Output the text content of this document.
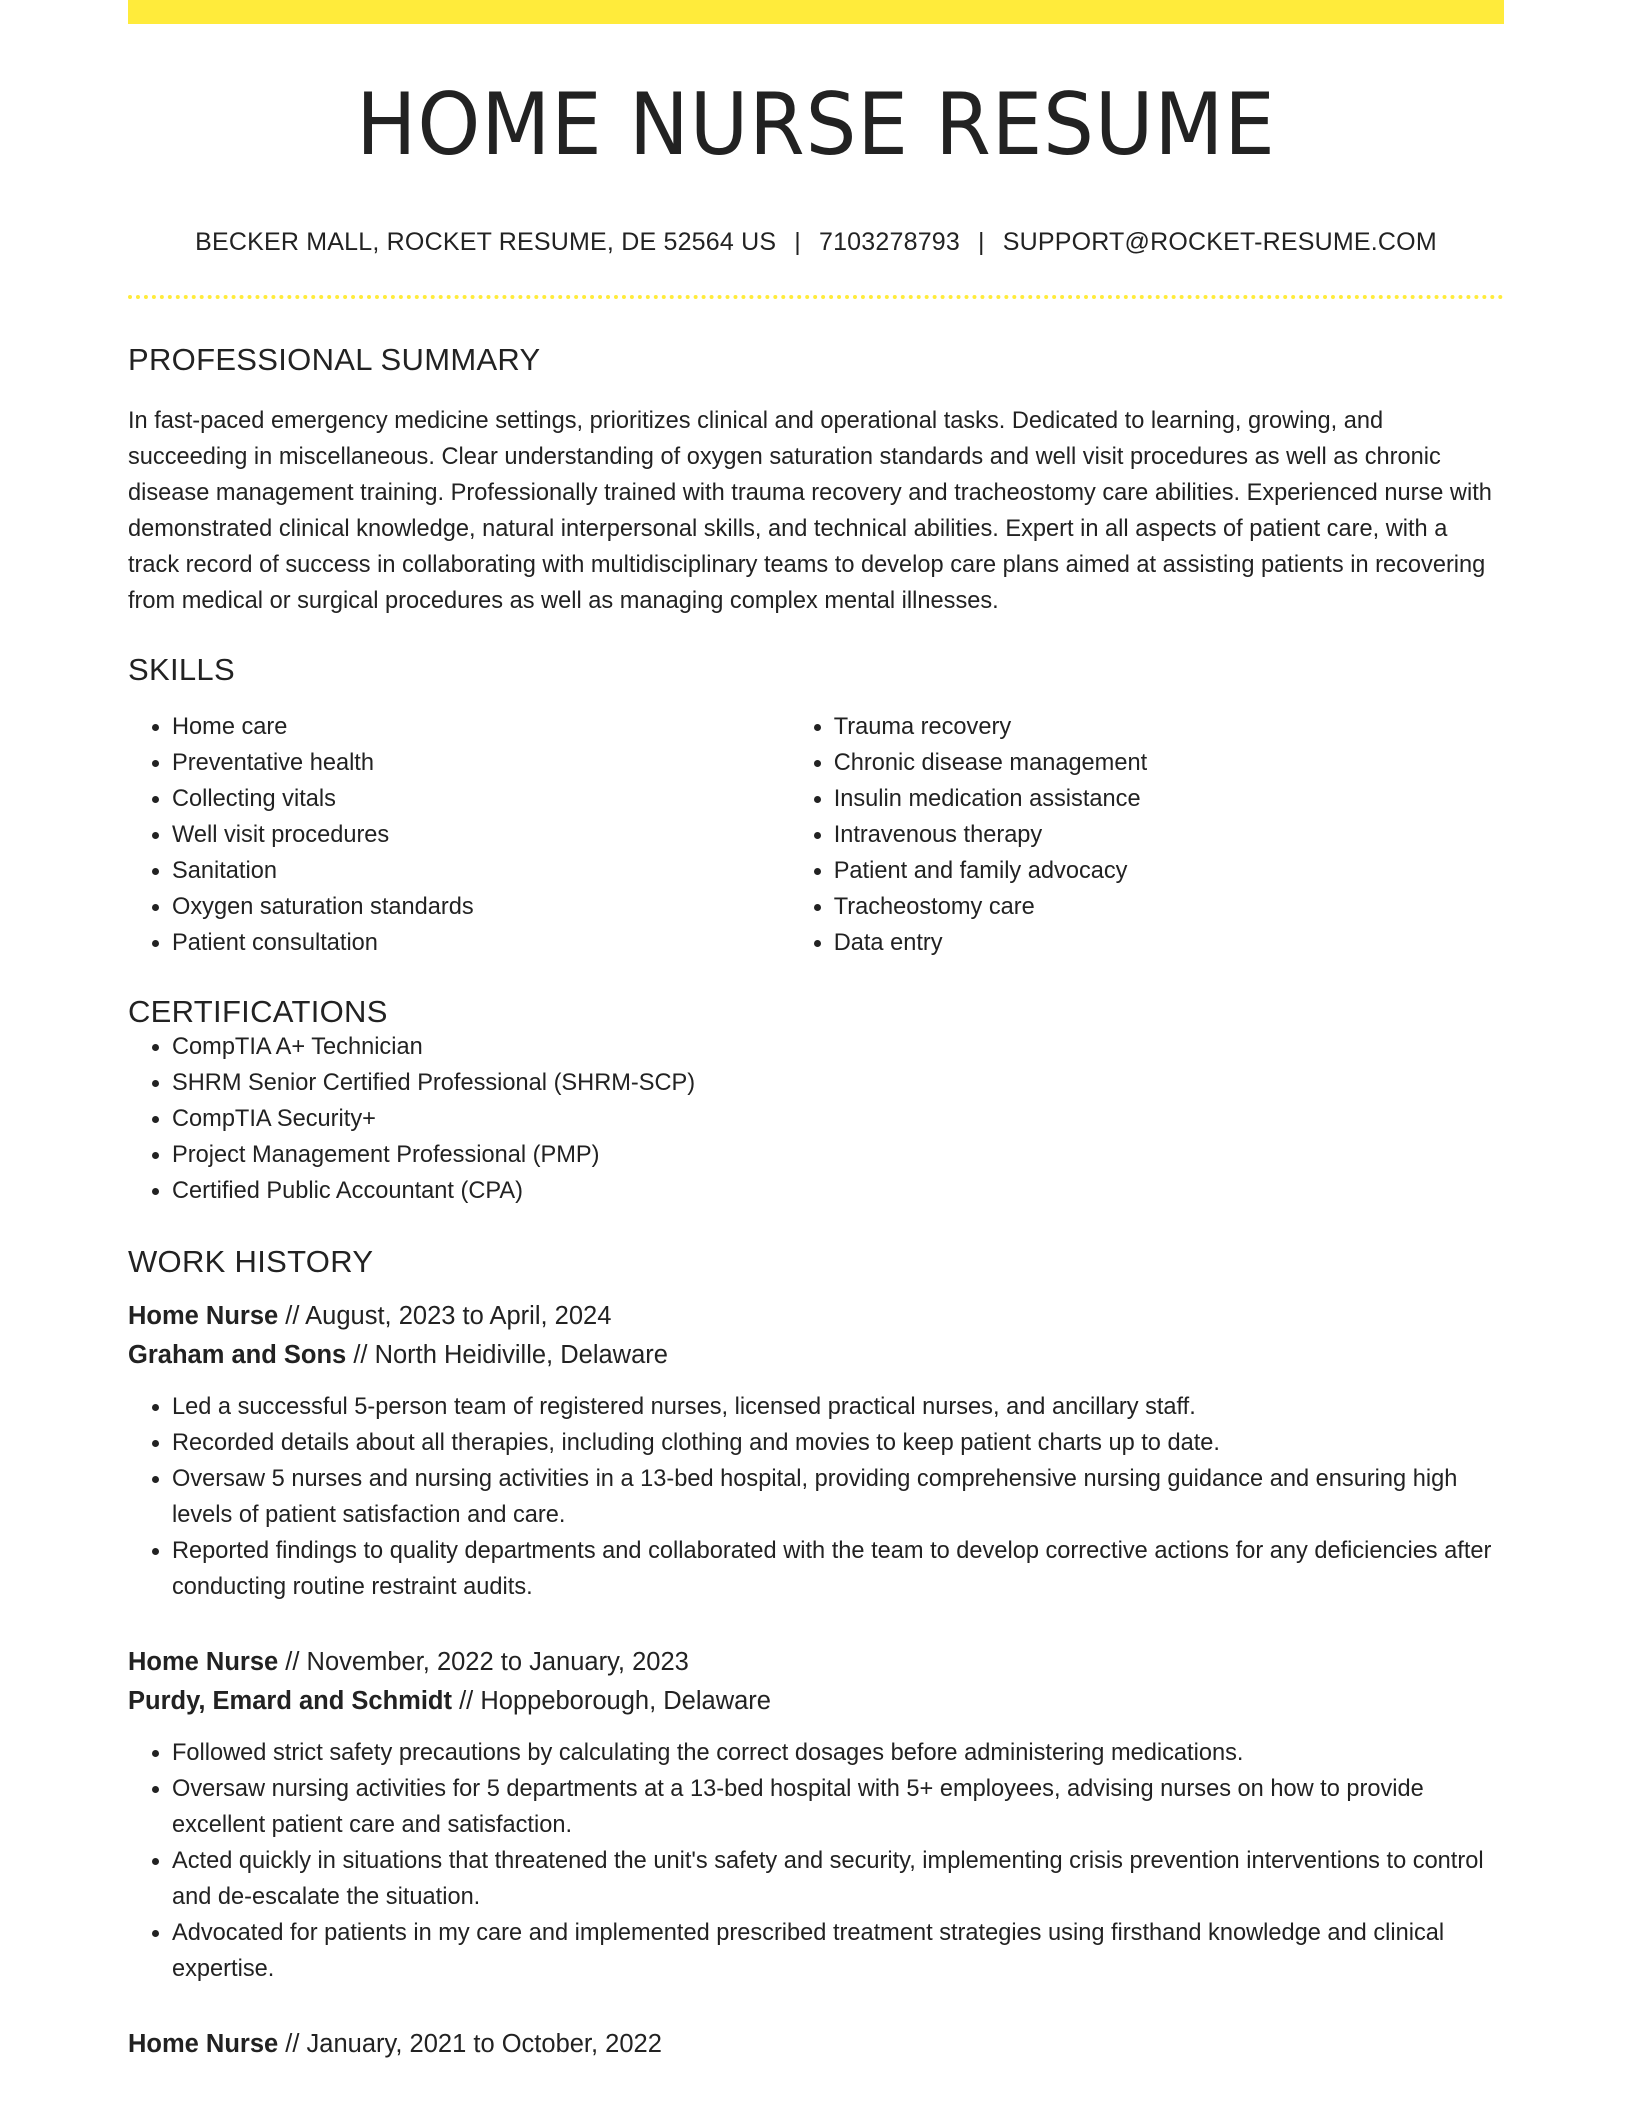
HOME NURSE RESUME
BECKER MALL, ROCKET RESUME, DE 52564 US | 7103278793 | SUPPORT@ROCKET-RESUME.COM
PROFESSIONAL SUMMARY

In fast-paced emergency medicine settings, prioritizes clinical and operational tasks. Dedicated to learning, growing, and succeeding in miscellaneous. Clear understanding of oxygen saturation standards and well visit procedures as well as chronic disease management training. Professionally trained with trauma recovery and tracheostomy care abilities. Experienced nurse with demonstrated clinical knowledge, natural interpersonal skills, and technical abilities. Expert in all aspects of patient care, with a track record of success in collaborating with multidisciplinary teams to develop care plans aimed at assisting patients in recovering from medical or surgical procedures as well as managing complex mental illnesses.

SKILLS
• Home care
• Preventative health
• Collecting vitals
• Well visit procedures
• Sanitation
• Oxygen saturation standards
• Patient consultation
• Trauma recovery
• Chronic disease management
• Insulin medication assistance
• Intravenous therapy
• Patient and family advocacy
• Tracheostomy care
• Data entry
CERTIFICATIONS
• CompTIA A+ Technician
• SHRM Senior Certified Professional (SHRM-SCP)
• CompTIA Security+
• Project Management Professional (PMP)
• Certified Public Accountant (CPA)
WORK HISTORY
Home Nurse // August, 2023 to April, 2024
Graham and Sons // North Heidiville, Delaware
• Led a successful 5-person team of registered nurses, licensed practical nurses, and ancillary staff.
• Recorded details about all therapies, including clothing and movies to keep patient charts up to date.
• Oversaw 5 nurses and nursing activities in a 13-bed hospital, providing comprehensive nursing guidance and ensuring high levels of patient satisfaction and care.
• Reported findings to quality departments and collaborated with the team to develop corrective actions for any deficiencies after conducting routine restraint audits.
Home Nurse // November, 2022 to January, 2023
Purdy, Emard and Schmidt // Hoppeborough, Delaware
• Followed strict safety precautions by calculating the correct dosages before administering medications.
• Oversaw nursing activities for 5 departments at a 13-bed hospital with 5+ employees, advising nurses on how to provide excellent patient care and satisfaction.
• Acted quickly in situations that threatened the unit's safety and security, implementing crisis prevention interventions to control and de-escalate the situation.
• Advocated for patients in my care and implemented prescribed treatment strategies using firsthand knowledge and clinical expertise.
Home Nurse // January, 2021 to October, 2022
